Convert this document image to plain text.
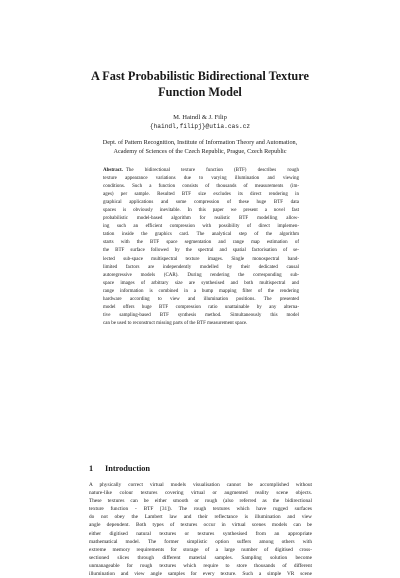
A Fast Probabilistic Bidirectional Texture
Function Model
M. Haindl & J. Filip
{haindl,filipj}@utia.cas.cz
Dept. of Pattern Recognition, Institute of Information Theory and Automation,
Academy of Sciences of the Czech Republic, Prague, Czech Republic
Abstract. The bidirectional texture function (BTF) describes rough
texture appearance variations due to varying illumination and viewing
conditions. Such a function consists of thousands of measurements (im-
ages) per sample. Resulted BTF size excludes its direct rendering in
graphical applications and some compression of these huge BTF data
spaces is obviously inevitable. In this paper we present a novel fast
probabilistic model-based algorithm for realistic BTF modelling allow-
ing such an efficient compression with possibility of direct implemen-
tation inside the graphics card. The analytical step of the algorithm
starts with the BTF space segmentation and range map estimation of
the BTF surface followed by the spectral and spatial factorisation of se-
lected sub-space multispectral texture images. Single monospectral band-
limited factors are independently modelled by their dedicated causal
autoregressive models (CAR). During rendering the corresponding sub-
space images of arbitrary size are synthesised and both multispectral and
range information is combined in a bump mapping filter of the rendering
hardware according to view and illumination positions. The presented
model offers huge BTF compression ratio unattainable by any alterna-
tive sampling-based BTF synthesis method. Simultaneously this model
can be used to reconstruct missing parts of the BTF measurement space.
1 Introduction
A physically correct virtual models visualisation cannot be accomplished without
nature-like colour textures covering virtual or augmented reality scene objects.
These textures can be either smooth or rough (also referred as the bidirectional
texture function - BTF [31]). The rough textures which have rugged surfaces
do not obey the Lambert law and their reflectance is illumination and view
angle dependent. Both types of textures occur in virtual scenes models can be
either digitised natural textures or textures synthesised from an appropriate
mathematical model. The former simplistic option suffers among others with
extreme memory requirements for storage of a large number of digitised cross-
sectioned slices through different material samples. Sampling solution become
unmanageable for rough textures which require to store thousands of different
illumination and view angle samples for every texture. Such a simple VR scene
